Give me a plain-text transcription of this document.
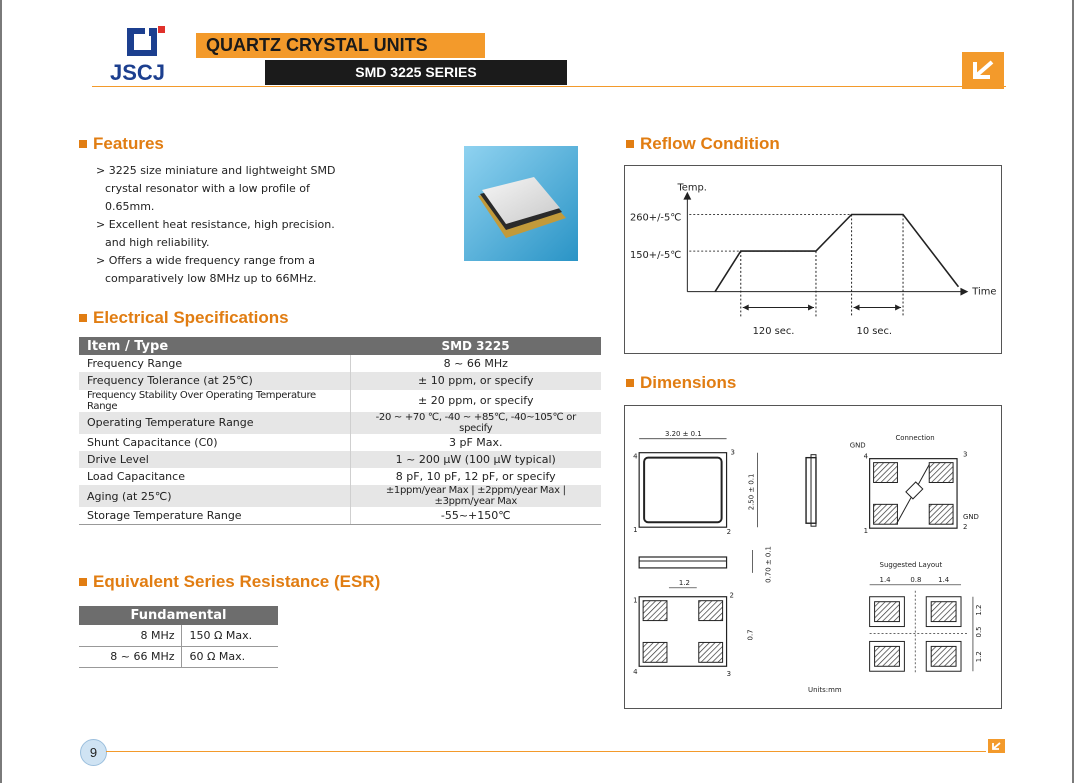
JSCJ
QUARTZ CRYSTAL UNITS
SMD 3225 SERIES
Features
> 3225 size miniature and lightweight SMD
crystal resonator with a low profile of
0.65mm.
> Excellent heat resistance, high precision.
and high reliability.
> Offers a wide frequency range from a
comparatively low 8MHz up to 66MHz.
Electrical Specifications
Item / Type	SMD 3225
Frequency Range	8 ~ 66 MHz
Frequency Tolerance (at 25℃)	± 10 ppm, or specify
Frequency Stability Over Operating Temperature Range	± 20 ppm, or specify
Operating Temperature Range	-20 ~ +70 ℃, -40 ~ +85℃, -40~105℃ or specify
Shunt Capacitance (C0)	3 pF Max.
Drive Level	1 ~ 200 μW (100 μW typical)
Load Capacitance	8 pF, 10 pF, 12 pF, or specify
Aging (at 25℃)	±1ppm/year Max | ±2ppm/year Max | ±3ppm/year Max
Storage Temperature Range	-55~+150℃
Equivalent Series Resistance (ESR)
Fundamental	
8 MHz	150 Ω Max.
8 ~ 66 MHz	60 Ω Max.
Reflow Condition
Temp.
Time
260+/-5℃
150+/-5℃
120 sec.	10 sec.
Dimensions
3.20 ± 0.1
4	3
1	2
2.50 ± 0.1
0.70 ± 0.1
1.2
1
2
4	3
0.7
Connection
GND
4	3
1
GND
2
Suggested Layout
1.4	0.8 1.4
1.2
0.5
1.2
Units:mm
9
